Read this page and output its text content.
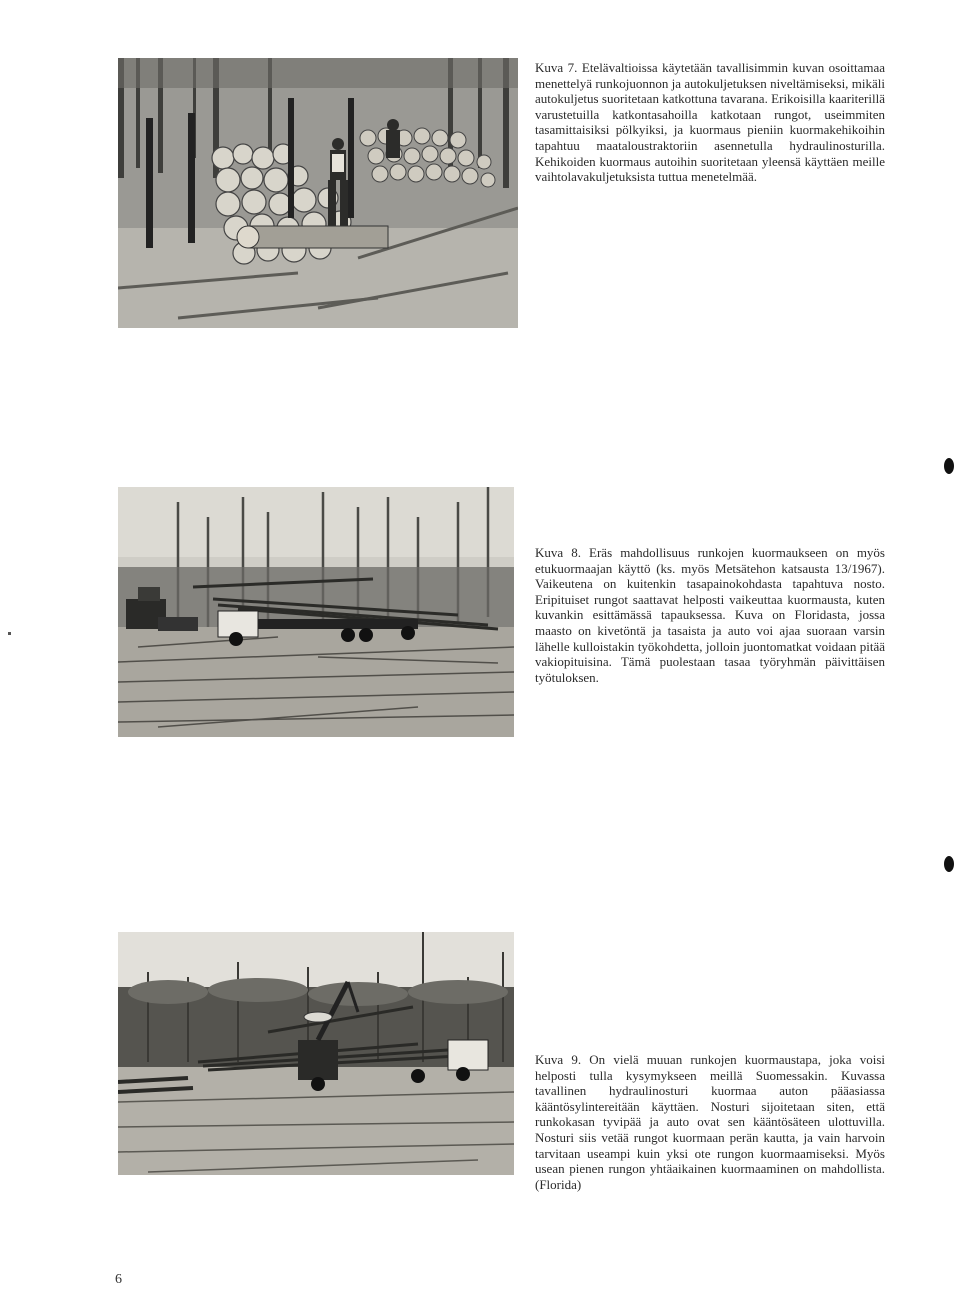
Kuva 7. Etelävaltioissa käytetään tavallisimmin kuvan osoittamaa menettelyä runkojuonnon ja autokuljetuksen niveltämiseksi, mikäli autokuljetus suoritetaan katkottuna tavarana. Erikoisilla kaariterillä varustetuilla katkontasahoilla katkotaan rungot, useimmiten tasamittaisiksi pölkyiksi, ja kuormaus pieniin kuormakehikoihin tapahtuu maataloustraktoriin asennetulla hydraulinosturilla. Kehikoiden kuormaus autoihin suoritetaan yleensä käyttäen meille vaihtolavakuljetuksista tuttua menetelmää.

Kuva 8. Eräs mahdollisuus runkojen kuormaukseen on myös etukuormaajan käyttö (ks. myös Metsätehon katsausta 13/1967). Vaikeutena on kuitenkin tasapainokohdasta tapahtuva nosto. Eripituiset rungot saattavat helposti vaikeuttaa kuormausta, kuten kuvankin esittämässä tapauksessa. Kuva on Floridasta, jossa maasto on kivetöntä ja tasaista ja auto voi ajaa suoraan varsin lähelle kulloistakin työkohdetta, jolloin juontomatkat voidaan pitää vakiopituisina. Tämä puolestaan tasaa työryhmän päivittäisen työtuloksen.

Kuva 9. On vielä muuan runkojen kuormaustapa, joka voisi helposti tulla kysymykseen meillä Suomessakin. Kuvassa tavallinen hydraulinosturi kuormaa auton pääasiassa kääntösylintereitään käyttäen. Nosturi sijoitetaan siten, että runkokasan tyvipää ja auto ovat sen kääntösäteen ulottuvilla. Nosturi siis vetää rungot kuormaan perän kautta, ja vain harvoin tarvitaan useampi kuin yksi ote rungon kuormaamiseksi. Myös usean pienen rungon yhtäaikainen kuormaaminen on mahdollista. (Florida)

6
